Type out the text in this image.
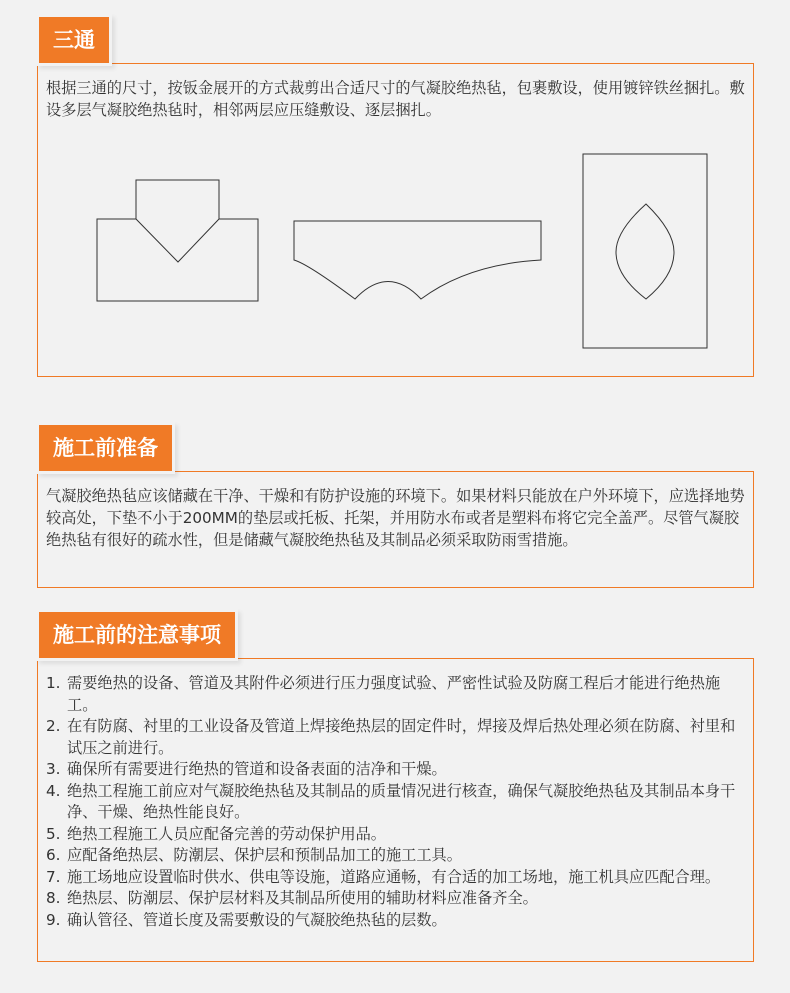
三通

根据三通的尺寸，按钣金展开的方式裁剪出合适尺寸的气凝胶绝热毡，包裹敷设，使用镀锌铁丝捆扎。敷设多层气凝胶绝热毡时，相邻两层应压缝敷设、逐层捆扎。

施工前准备

气凝胶绝热毡应该储藏在干净、干燥和有防护设施的环境下。如果材料只能放在户外环境下，应选择地势较高处，下垫不小于200MM的垫层或托板、托架，并用防水布或者是塑料布将它完全盖严。尽管气凝胶绝热毡有很好的疏水性，但是储藏气凝胶绝热毡及其制品必须采取防雨雪措施。

施工前的注意事项
1. 需要绝热的设备、管道及其附件必须进行压力强度试验、严密性试验及防腐工程后才能进行绝热施工。
2. 在有防腐、衬里的工业设备及管道上焊接绝热层的固定件时，焊接及焊后热处理必须在防腐、衬里和试压之前进行。
3. 确保所有需要进行绝热的管道和设备表面的洁净和干燥。
4. 绝热工程施工前应对气凝胶绝热毡及其制品的质量情况进行核查，确保气凝胶绝热毡及其制品本身干净、干燥、绝热性能良好。
5. 绝热工程施工人员应配备完善的劳动保护用品。
6. 应配备绝热层、防潮层、保护层和预制品加工的施工工具。
7. 施工场地应设置临时供水、供电等设施，道路应通畅，有合适的加工场地，施工机具应匹配合理。
8. 绝热层、防潮层、保护层材料及其制品所使用的辅助材料应准备齐全。
9. 确认管径、管道长度及需要敷设的气凝胶绝热毡的层数。
